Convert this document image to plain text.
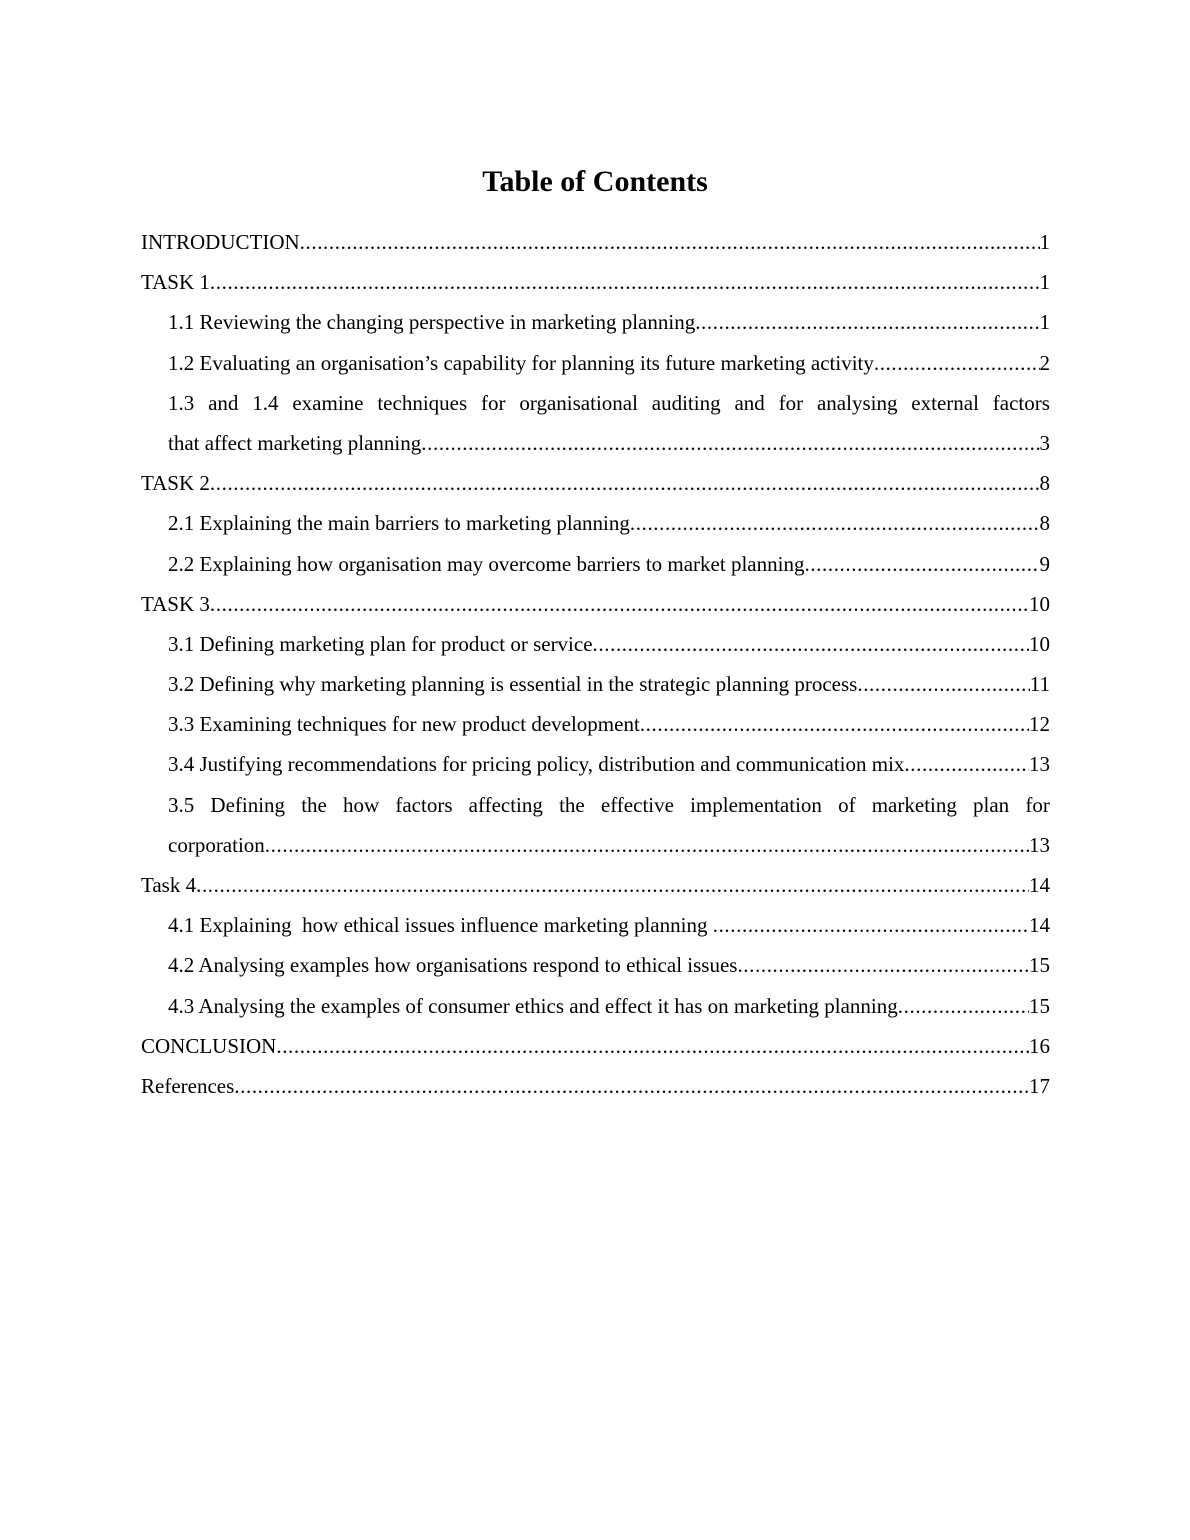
Table of Contents
INTRODUCTION .....	1
TASK 1 .....	1
1.1 Reviewing the changing perspective in marketing planning .....	1
1.2 Evaluating an organisation’s capability for planning its future marketing activity .....	2
1.3 and 1.4 examine techniques for organisational auditing and for analysing external factors
that affect marketing planning .....	3
TASK 2 .....	8
2.1 Explaining the main barriers to marketing planning .....	8
2.2 Explaining how organisation may overcome barriers to market planning .....	9
TASK 3 .....	10
3.1 Defining marketing plan for product or service .....	10
3.2 Defining why marketing planning is essential in the strategic planning process .....	11
3.3 Examining techniques for new product development .....	12
3.4 Justifying recommendations for pricing policy, distribution and communication mix .....	13
3.5 Defining the how factors affecting the effective implementation of marketing plan for
corporation .....	13
Task 4 .....	14
4.1 Explaining  how ethical issues influence marketing planning .....	14
4.2 Analysing examples how organisations respond to ethical issues .....	15
4.3 Analysing the examples of consumer ethics and effect it has on marketing planning .....	15
CONCLUSION .....	16
References .....	17
